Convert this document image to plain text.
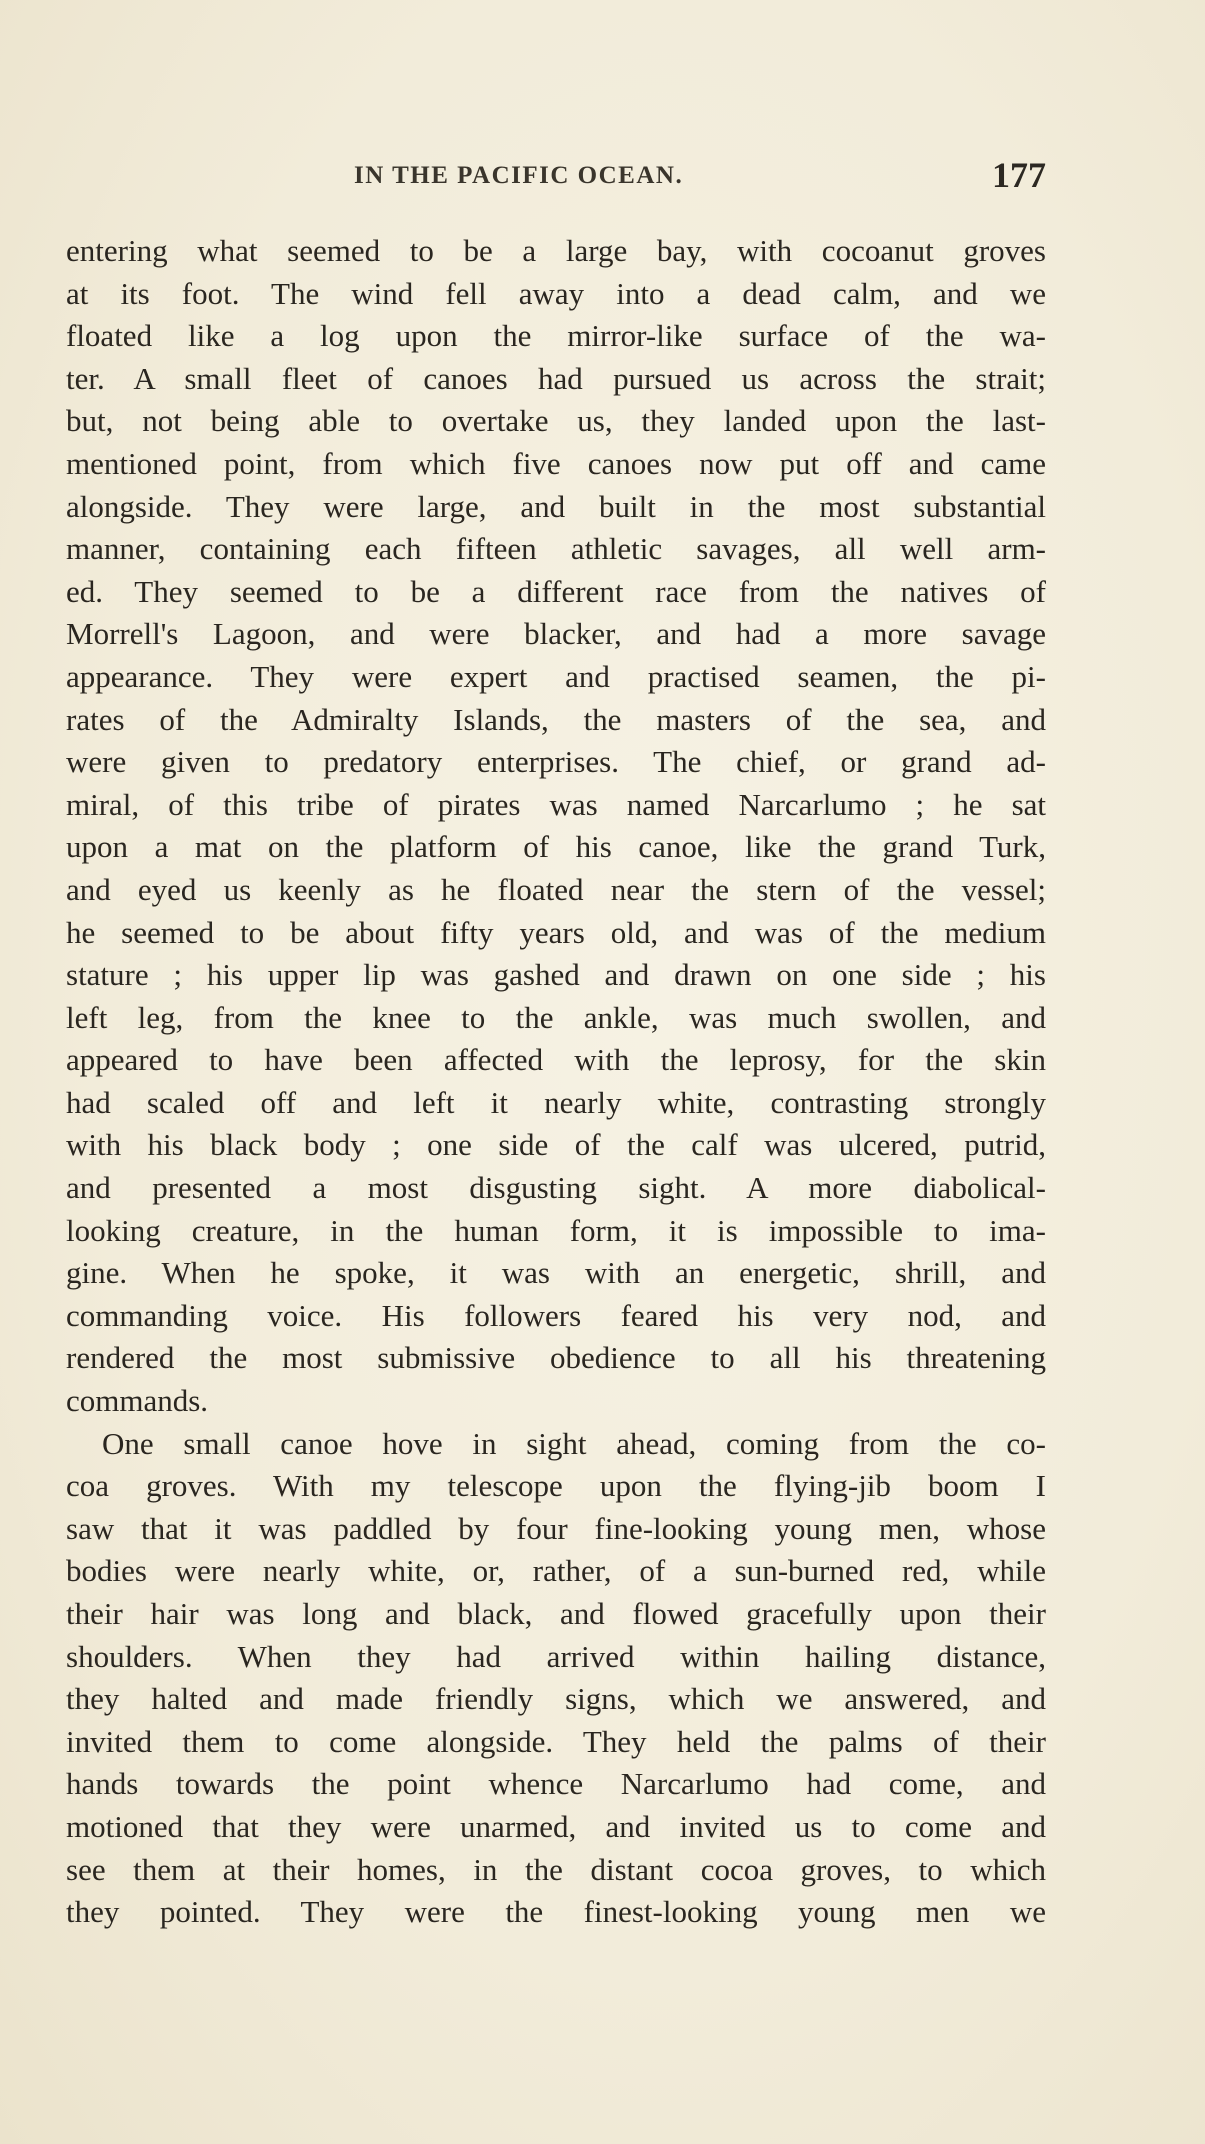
IN THE PACIFIC OCEAN.	177
entering what seemed to be a large bay, with cocoanut groves
at its foot. The wind fell away into a dead calm, and we
floated like a log upon the mirror-like surface of the wa-
ter. A small fleet of canoes had pursued us across the strait;
but, not being able to overtake us, they landed upon the last-
mentioned point, from which five canoes now put off and came
alongside. They were large, and built in the most substantial
manner, containing each fifteen athletic savages, all well arm-
ed. They seemed to be a different race from the natives of
Morrell's Lagoon, and were blacker, and had a more savage
appearance. They were expert and practised seamen, the pi-
rates of the Admiralty Islands, the masters of the sea, and
were given to predatory enterprises. The chief, or grand ad-
miral, of this tribe of pirates was named Narcarlumo ; he sat
upon a mat on the platform of his canoe, like the grand Turk,
and eyed us keenly as he floated near the stern of the vessel;
he seemed to be about fifty years old, and was of the medium
stature ; his upper lip was gashed and drawn on one side ; his
left leg, from the knee to the ankle, was much swollen, and
appeared to have been affected with the leprosy, for the skin
had scaled off and left it nearly white, contrasting strongly
with his black body ; one side of the calf was ulcered, putrid,
and presented a most disgusting sight. A more diabolical-
looking creature, in the human form, it is impossible to ima-
gine. When he spoke, it was with an energetic, shrill, and
commanding voice. His followers feared his very nod, and
rendered the most submissive obedience to all his threatening
commands.
One small canoe hove in sight ahead, coming from the co-
coa groves. With my telescope upon the flying-jib boom I
saw that it was paddled by four fine-looking young men, whose
bodies were nearly white, or, rather, of a sun-burned red, while
their hair was long and black, and flowed gracefully upon their
shoulders. When they had arrived within hailing distance,
they halted and made friendly signs, which we answered, and
invited them to come alongside. They held the palms of their
hands towards the point whence Narcarlumo had come, and
motioned that they were unarmed, and invited us to come and
see them at their homes, in the distant cocoa groves, to which
they pointed. They were the finest-looking young men we
